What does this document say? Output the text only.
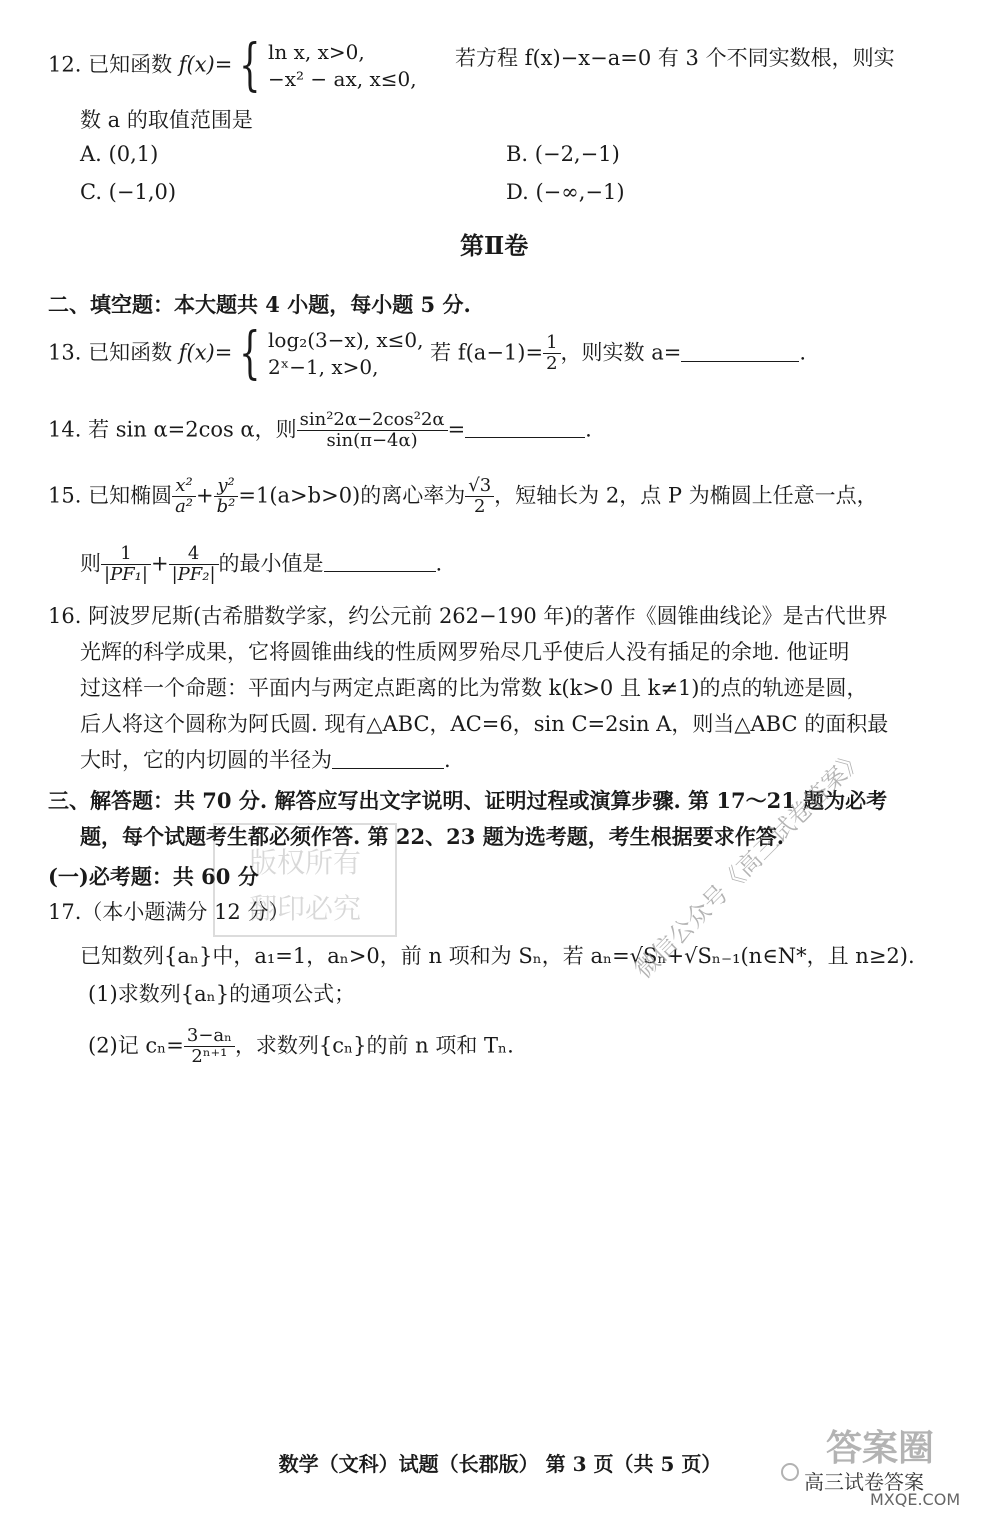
12. 已知函数 f(x)= { ln x, x>0,
−x² − ax, x≤0,
若方程 f(x)−x−a=0 有 3 个不同实数根，则实
数 a 的取值范围是
A. (0,1)	B. (−2,−1)
C. (−1,0)	D. (−∞,−1)
第Ⅱ卷
二、填空题：本大题共 4 小题，每小题 5 分.
13. 已知函数 f(x)= { log₂(3−x), x≤0,
2ˣ−1, x>0,
若 $f(a-1)= \frac{1}{2}$ ，则实数 a=	.
14. 若 sin α=2cos α，则 $\frac{\text{sin²2α−2cos²2α}}{\sin(\pi-4\alpha)}$ =	.
15. 已知椭圆 $\frac{\text{x²}}{\text{a²}} + \frac{\text{y²}}{\text{b²}} =1(a>b>0)$的离心率为 $\frac{√3}{2}$ ，短轴长为 2，点 P 为椭圆上任意一点，
则 $\frac{1}{\text{|PF₁|}} + \frac{4}{\text{|PF₂|}}$ 的最小值是	.
16. 阿波罗尼斯(古希腊数学家，约公元前 262−190 年)的著作《圆锥曲线论》是古代世界
光辉的科学成果，它将圆锥曲线的性质网罗殆尽几乎使后人没有插足的余地. 他证明
过这样一个命题：平面内与两定点距离的比为常数 k(k>0 且 k≠1)的点的轨迹是圆，
后人将这个圆称为阿氏圆. 现有△ABC，AC=6，sin C=2sin A，则当△ABC 的面积最
大时，它的内切圆的半径为	.
三、解答题：共 70 分. 解答应写出文字说明、证明过程或演算步骤. 第 17～21 题为必考
题，每个试题考生都必须作答. 第 22、23 题为选考题，考生根据要求作答.
(一)必考题：共 60 分
17.（本小题满分 12 分）
已知数列{aₙ}中，a₁=1，aₙ>0，前 n 项和为 Sₙ，若 aₙ=√Sₙ+√Sₙ₋₁(n∈N*，且 n≥2).
(1)求数列{aₙ}的通项公式；
(2)记 $c_n= \frac{\text{3−aₙ}}{\text{2ⁿ⁺¹}}$ ，求数列{cₙ}的前 n 项和 Tₙ.
版权所有
翻印必究	微信公众号《高三试卷答案》
数学（文科）试题（长郡版） 第 3 页（共 5 页）	答案圈
高三试卷答案
MXQE.COM
